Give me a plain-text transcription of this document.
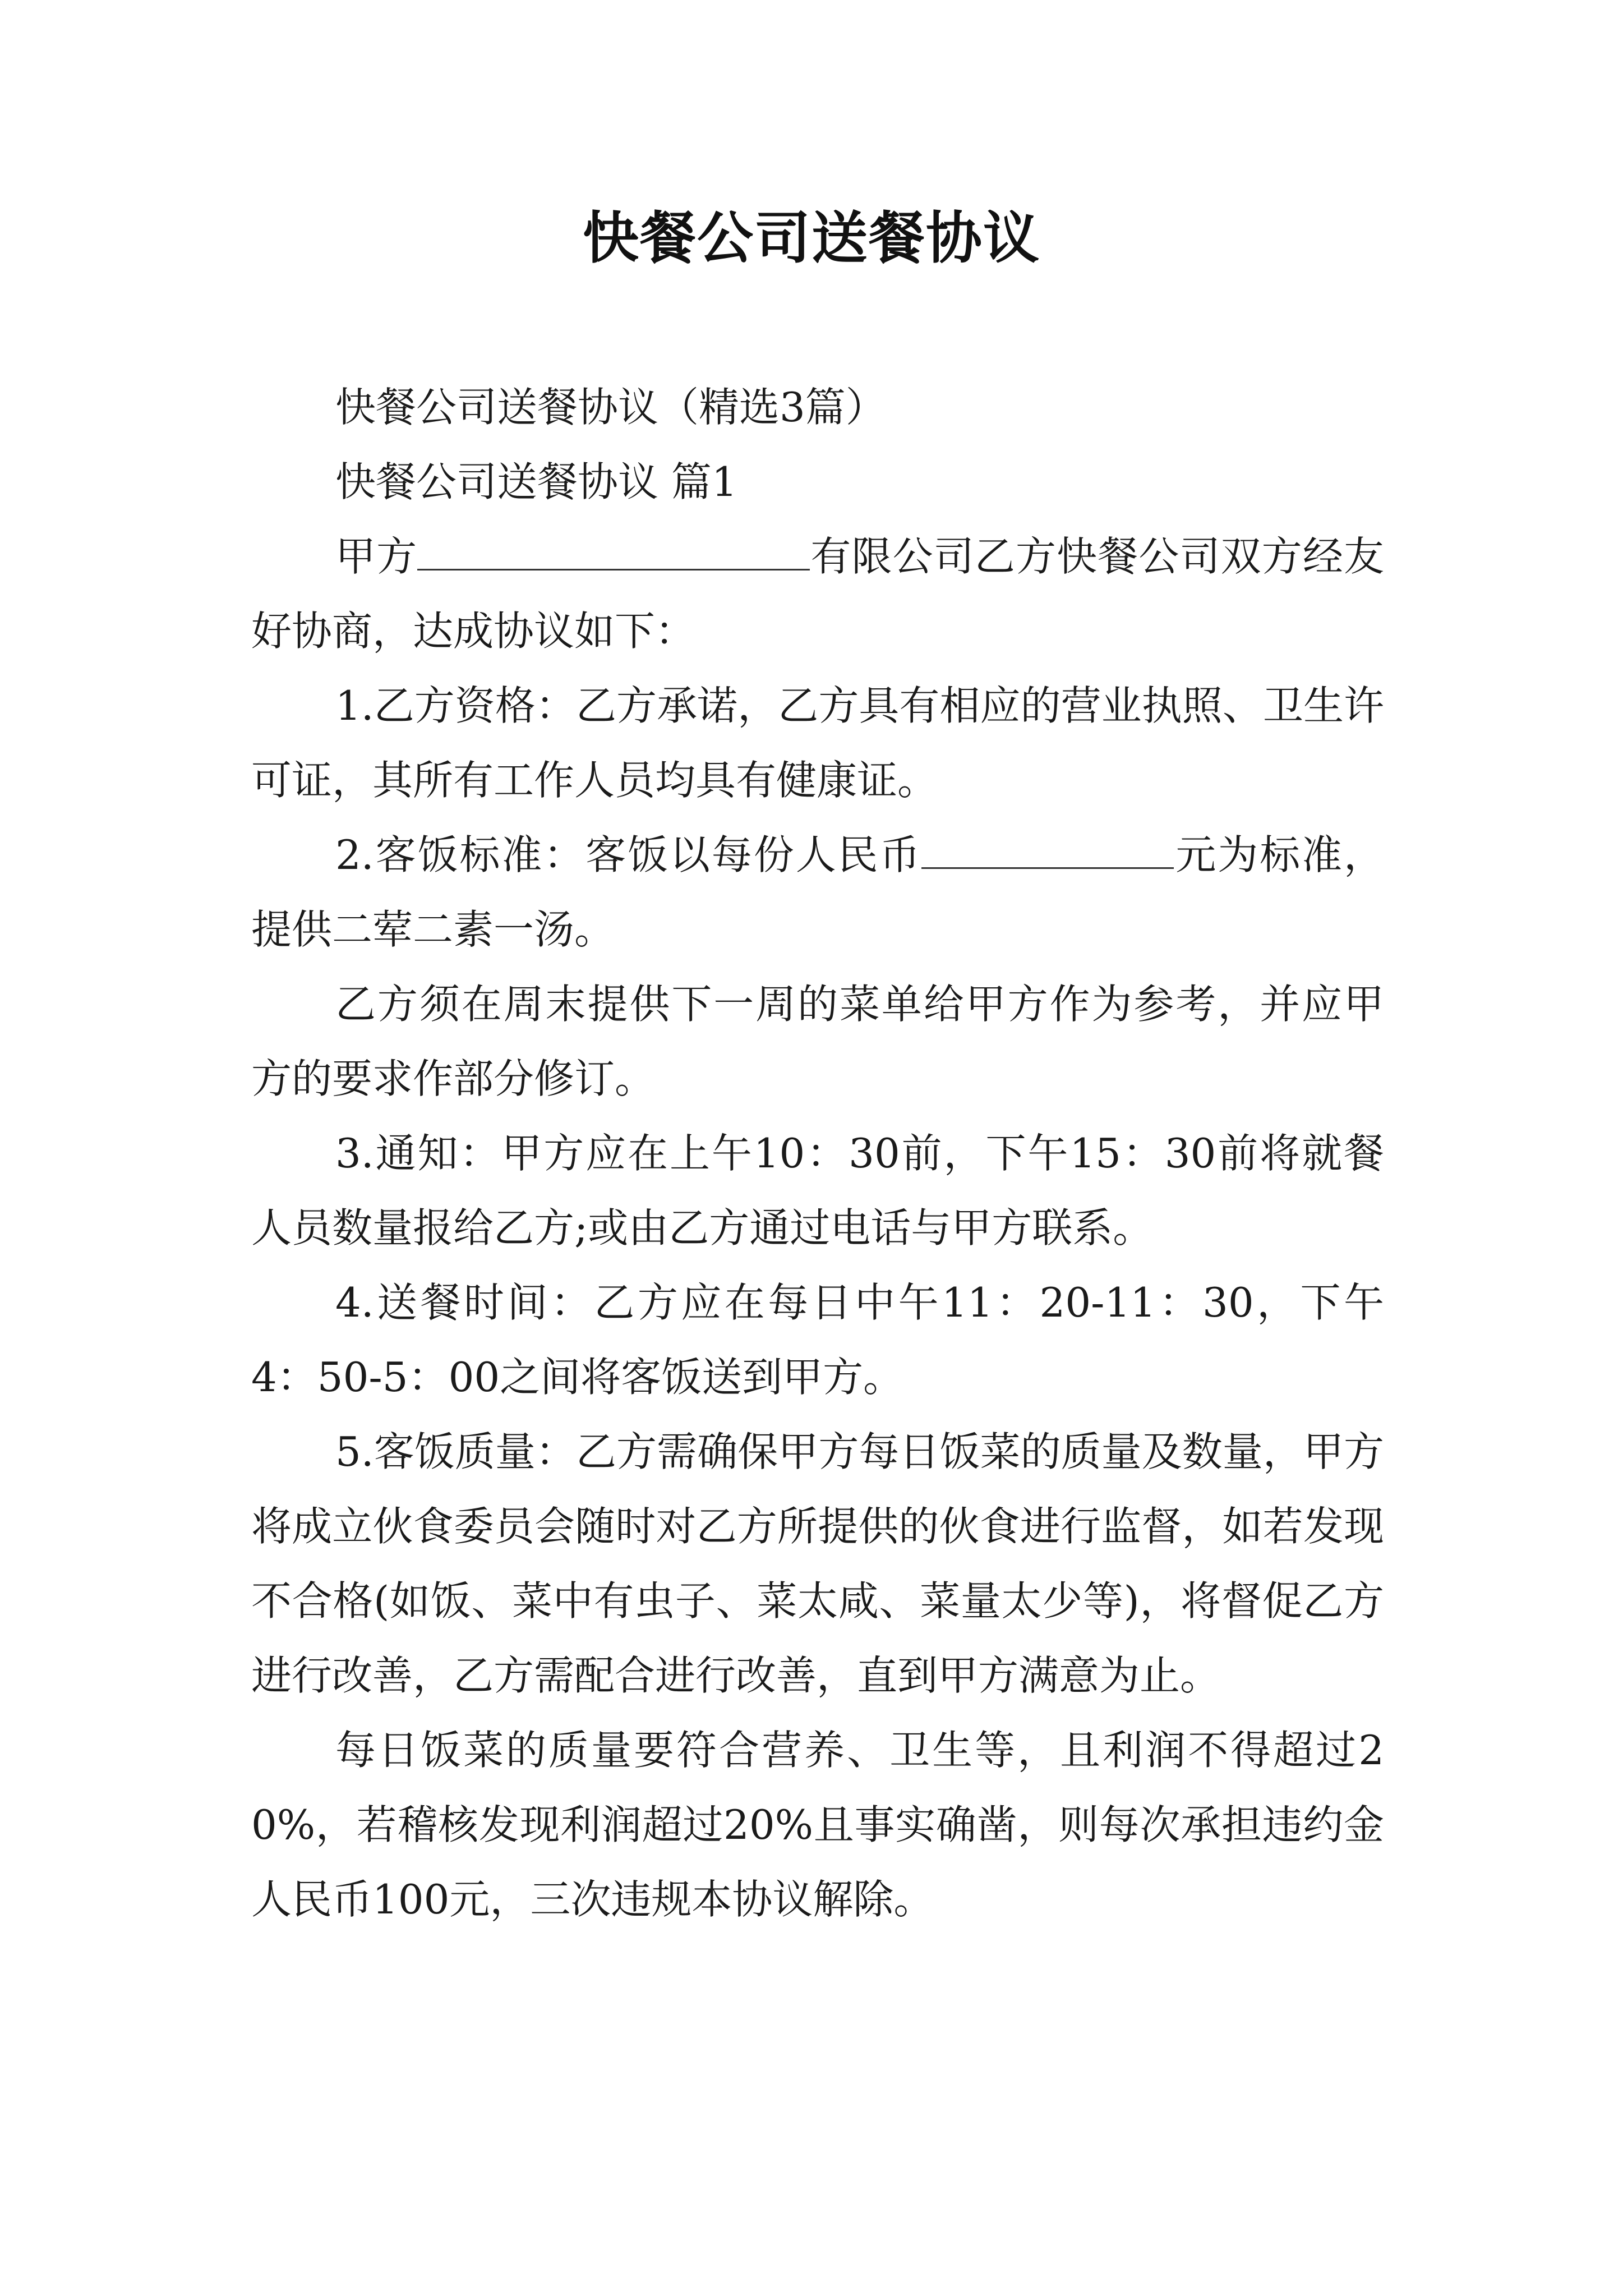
快餐公司送餐协议

快餐公司送餐协议（精选3篇）

快餐公司送餐协议 篇1

甲方	有限公司乙方快餐公司双方经友好协商，达成协议如下：

1.乙方资格：乙方承诺，乙方具有相应的营业执照、卫生许可证，其所有工作人员均具有健康证。

2.客饭标准：客饭以每份人民币	元为标准，提供二荤二素一汤。

乙方须在周末提供下一周的菜单给甲方作为参考，并应甲方的要求作部分修订。

3.通知：甲方应在上午10：30前，下午15：30前将就餐人员数量报给乙方;或由乙方通过电话与甲方联系。

4.送餐时间：乙方应在每日中午11：20-11：30，下午4：50-5：00之间将客饭送到甲方。

5.客饭质量：乙方需确保甲方每日饭菜的质量及数量，甲方将成立伙食委员会随时对乙方所提供的伙食进行监督，如若发现不合格(如饭、菜中有虫子、菜太咸、菜量太少等)，将督促乙方进行改善，乙方需配合进行改善，直到甲方满意为止。

每日饭菜的质量要符合营养、卫生等，且利润不得超过20%，若稽核发现利润超过20%且事实确凿，则每次承担违约金人民币100元，三次违规本协议解除。
